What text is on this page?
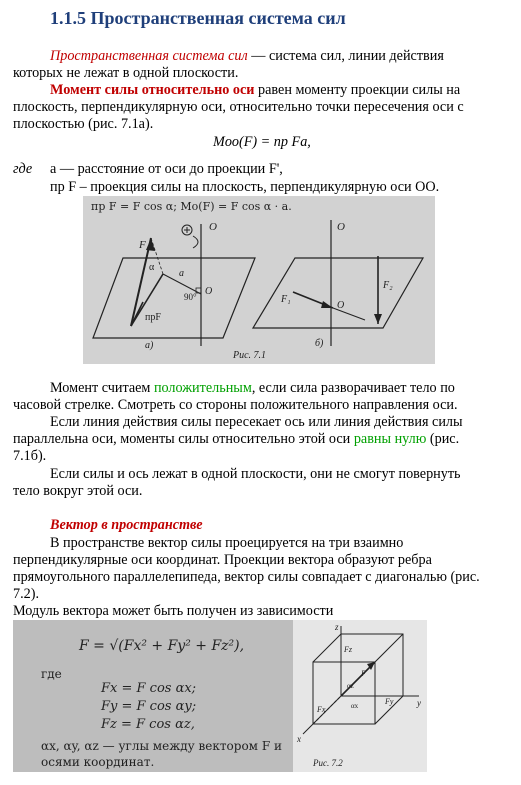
1.1.5 Пространственная система сил
Пространственная система сил — система сил, линии действия
которых не лежат в одной плоскости.
Момент силы относительно оси равен моменту проекции силы на
плоскость, перпендикулярную оси, относительно точки пересечения оси с
плоскостью (рис. 7.1а).
Moo(F) = пр Fa,
где a — расстояние от оси до проекции F',
пр F – проекция силы на плоскость, перпендикулярную оси ОО.
пр F = F cos α; Mo(F) = F cos α · a.
O
F
α
a
90° O
прF
а)
O
O
F₁
F₂
б)
Рис. 7.1
Момент считаем положительным, если сила разворачивает тело по
часовой стрелке. Смотреть со стороны положительного направления оси.
Если линия действия силы пересекает ось или линия действия силы
параллельна оси, моменты силы относительно этой оси равны нулю (рис.
7.1б).
Если силы и ось лежат в одной плоскости, они не смогут повернуть
тело вокруг этой оси.
Вектор в пространстве
В пространстве вектор силы проецируется на три взаимно
перпендикулярные оси координат. Проекции вектора образуют ребра
прямоугольного параллелепипеда, вектор силы совпадает с диагональю (рис.
7.2).
Модуль вектора может быть получен из зависимости
F = √(Fx² + Fy² + Fz²),
где
Fx = F cos αx;
Fy = F cos αy;
Fz = F cos αz,
αx, αy, αz — углы между вектором F и
осями координат.
z
y
x
Fz
Fy
Fx
F
αz
αx
Рис. 7.2
